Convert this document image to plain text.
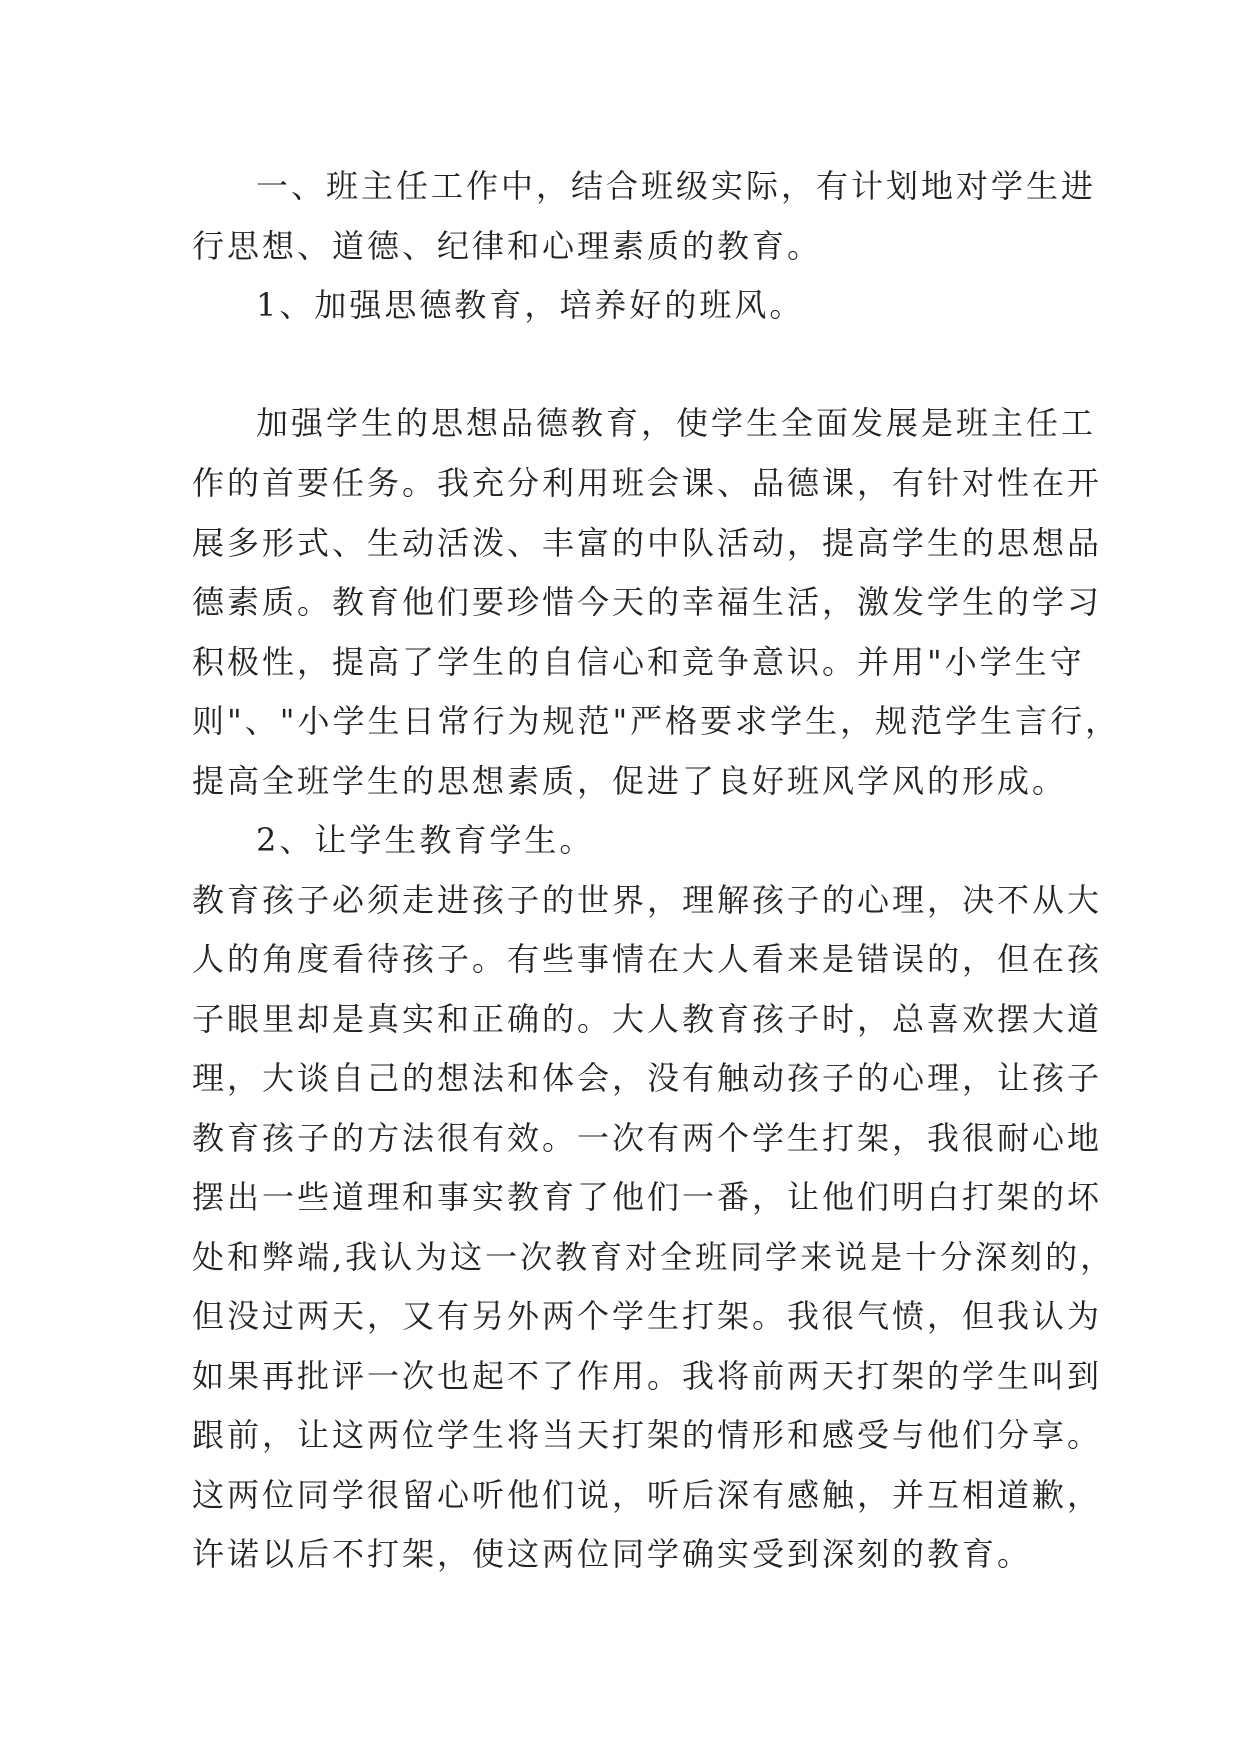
一、班主任工作中，结合班级实际，有计划地对学生进
行思想、道德、纪律和心理素质的教育。
1、加强思德教育，培养好的班风。
加强学生的思想品德教育，使学生全面发展是班主任工
作的首要任务。我充分利用班会课、品德课，有针对性在开
展多形式、生动活泼、丰富的中队活动，提高学生的思想品
德素质。教育他们要珍惜今天的幸福生活，激发学生的学习
积极性，提高了学生的自信心和竞争意识。并用"小学生守
则"、"小学生日常行为规范"严格要求学生，规范学生言行，
提高全班学生的思想素质，促进了良好班风学风的形成。
2、让学生教育学生。
教育孩子必须走进孩子的世界，理解孩子的心理，决不从大
人的角度看待孩子。有些事情在大人看来是错误的，但在孩
子眼里却是真实和正确的。大人教育孩子时，总喜欢摆大道
理，大谈自己的想法和体会，没有触动孩子的心理，让孩子
教育孩子的方法很有效。一次有两个学生打架，我很耐心地
摆出一些道理和事实教育了他们一番，让他们明白打架的坏
处和弊端,我认为这一次教育对全班同学来说是十分深刻的，
但没过两天，又有另外两个学生打架。我很气愤，但我认为
如果再批评一次也起不了作用。我将前两天打架的学生叫到
跟前，让这两位学生将当天打架的情形和感受与他们分享。
这两位同学很留心听他们说，听后深有感触，并互相道歉，
许诺以后不打架，使这两位同学确实受到深刻的教育。
